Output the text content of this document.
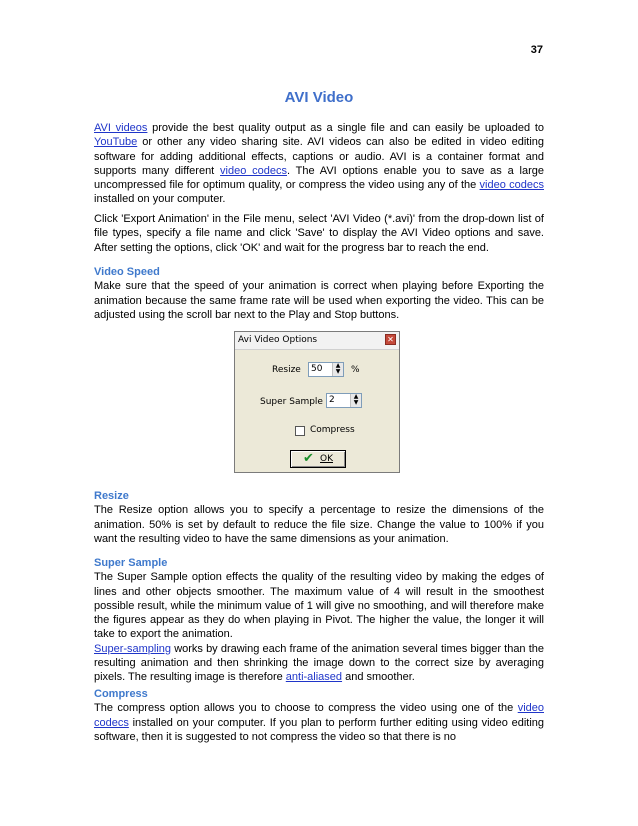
37
AVI Video

AVI videos provide the best quality output as a single file and can easily be uploaded to YouTube or other any video sharing site. AVI videos can also be edited in video editing software for adding additional effects, captions or audio. AVI is a container format and supports many different video codecs. The AVI options enable you to save as a large uncompressed file for optimum quality, or compress the video using any of the video codecs installed on your computer.

Click 'Export Animation' in the File menu, select 'AVI Video (*.avi)' from the drop-down list of file types, specify a file name and click 'Save' to display the AVI Video options and save. After setting the options, click 'OK' and wait for the progress bar to reach the end.

Video Speed

Make sure that the speed of your animation is correct when playing before Exporting the animation because the same frame rate will be used when exporting the video. This can be adjusted using the scroll bar next to the Play and Stop buttons.

Avi Video Options	✕
Resize 50	▲
▼ %
Super Sample 2	▲
▼
Compress
✔ OK
Resize

The Resize option allows you to specify a percentage to resize the dimensions of the animation. 50% is set by default to reduce the file size. Change the value to 100% if you want the resulting video to have the same dimensions as your animation.

Super Sample

The Super Sample option effects the quality of the resulting video by making the edges of lines and other objects smoother. The maximum value of 4 will result in the smoothest possible result, while the minimum value of 1 will give no smoothing, and will therefore make the figures appear as they do when playing in Pivot. The higher the value, the longer it will take to export the animation.

Super-sampling works by drawing each frame of the animation several times bigger than the resulting animation and then shrinking the image down to the correct size by averaging pixels. The resulting image is therefore anti-aliased and smoother.

Compress

The compress option allows you to choose to compress the video using one of the video codecs installed on your computer. If you plan to perform further editing using video editing software, then it is suggested to not compress the video so that there is no
